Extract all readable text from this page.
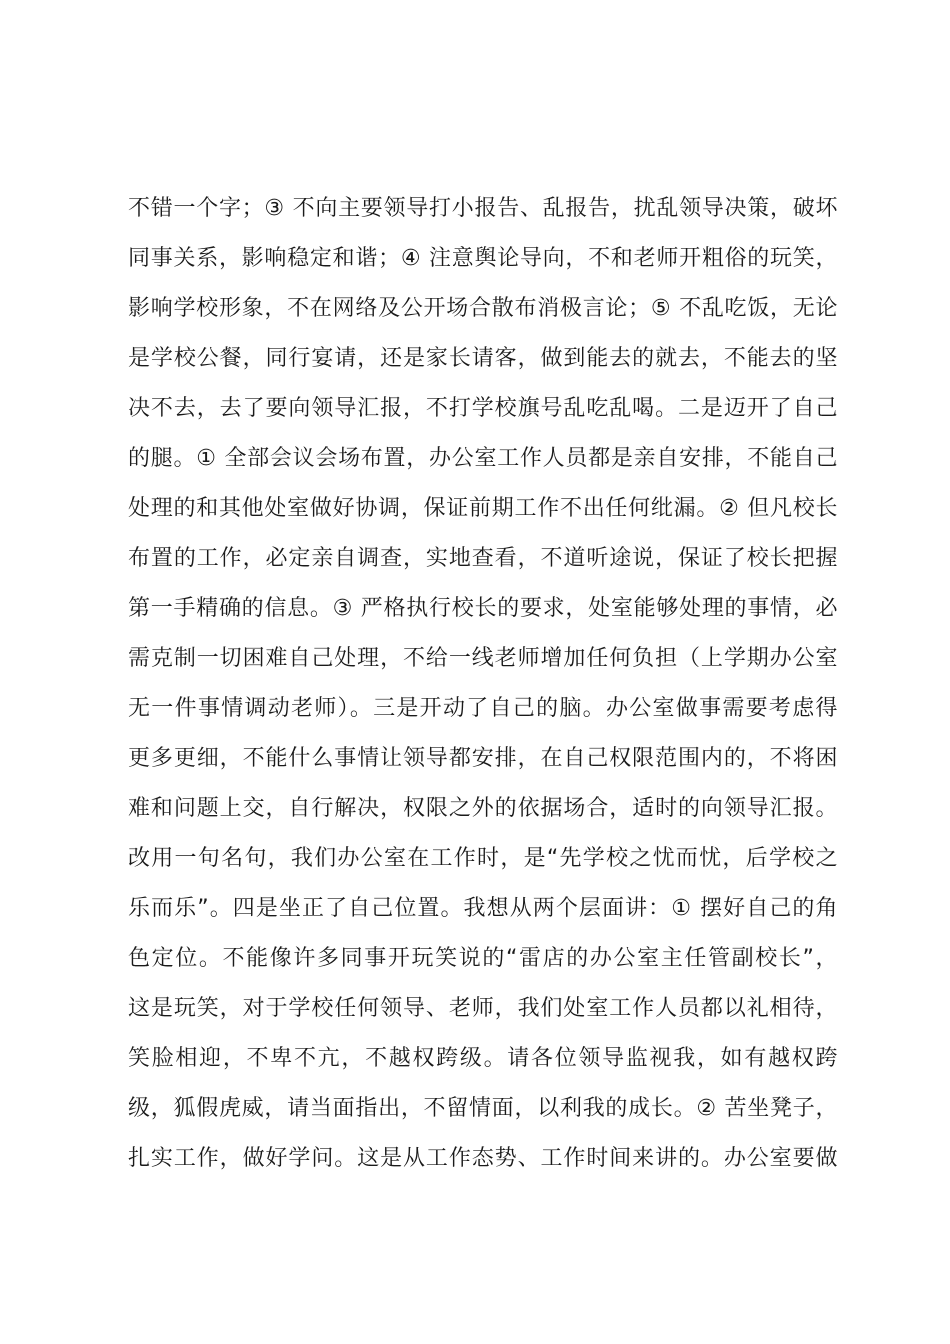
不错一个字；③ 不向主要领导打小报告、乱报告，扰乱领导决策，破坏
同事关系，影响稳定和谐；④ 注意舆论导向，不和老师开粗俗的玩笑，
影响学校形象，不在网络及公开场合散布消极言论；⑤ 不乱吃饭，无论
是学校公餐，同行宴请，还是家长请客，做到能去的就去，不能去的坚
决不去，去了要向领导汇报，不打学校旗号乱吃乱喝。二是迈开了自己
的腿。① 全部会议会场布置，办公室工作人员都是亲自安排，不能自己
处理的和其他处室做好协调，保证前期工作不出任何纰漏。② 但凡校长
布置的工作，必定亲自调查，实地查看，不道听途说，保证了校长把握
第一手精确的信息。③ 严格执行校长的要求，处室能够处理的事情，必
需克制一切困难自己处理，不给一线老师增加任何负担（上学期办公室
无一件事情调动老师）。三是开动了自己的脑。办公室做事需要考虑得
更多更细，不能什么事情让领导都安排，在自己权限范围内的，不将困
难和问题上交，自行解决，权限之外的依据场合，适时的向领导汇报。
改用一句名句，我们办公室在工作时，是“先学校之忧而忧，后学校之
乐而乐”。四是坐正了自己位置。我想从两个层面讲：① 摆好自己的角
色定位。不能像许多同事开玩笑说的“雷店的办公室主任管副校长”，
这是玩笑，对于学校任何领导、老师，我们处室工作人员都以礼相待，
笑脸相迎，不卑不亢，不越权跨级。请各位领导监视我，如有越权跨
级，狐假虎威，请当面指出，不留情面，以利我的成长。② 苦坐凳子，
扎实工作，做好学问。这是从工作态势、工作时间来讲的。办公室要做
